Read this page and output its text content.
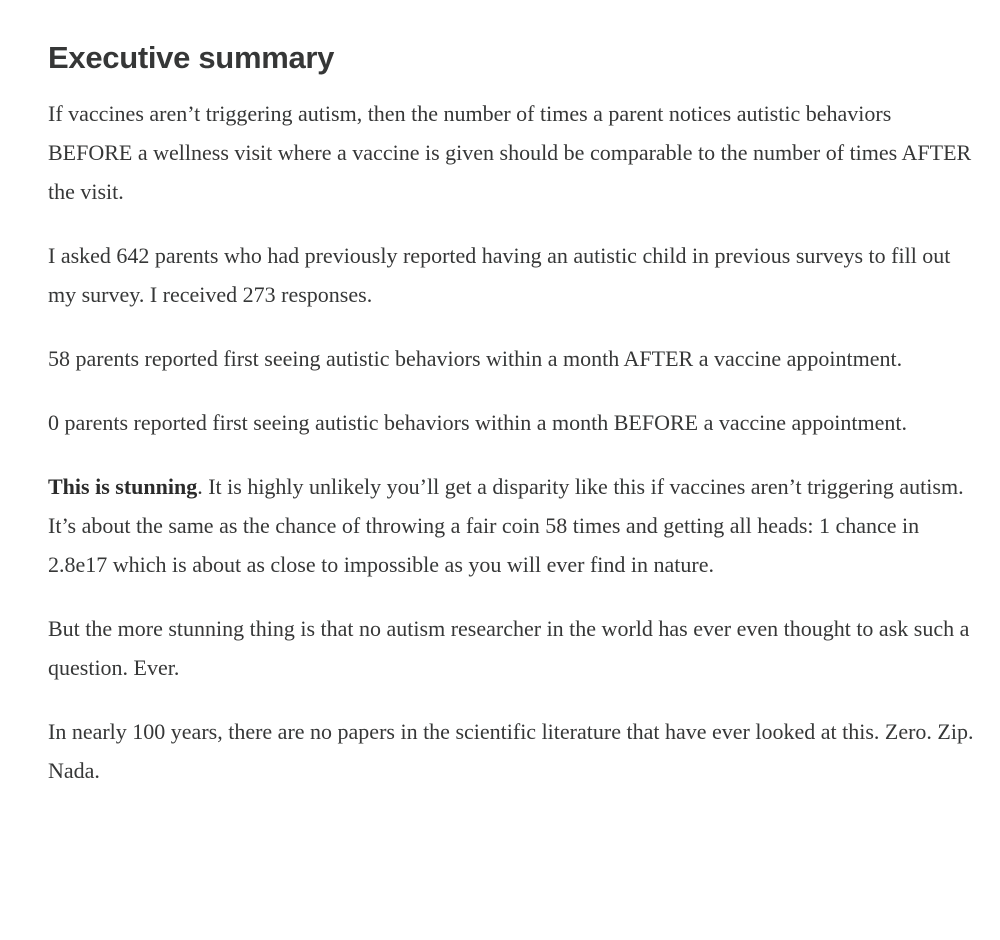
Executive summary

If vaccines aren’t triggering autism, then the number of times a parent notices autistic behaviors BEFORE a wellness visit where a vaccine is given should be comparable to the number of times AFTER the visit.

I asked 642 parents who had previously reported having an autistic child in previous surveys to fill out my survey. I received 273 responses.

58 parents reported first seeing autistic behaviors within a month AFTER a vaccine appointment.

0 parents reported first seeing autistic behaviors within a month BEFORE a vaccine appointment.

This is stunning. It is highly unlikely you’ll get a disparity like this if vaccines aren’t triggering autism. It’s about the same as the chance of throwing a fair coin 58 times and getting all heads: 1 chance in 2.8e17 which is about as close to impossible as you will ever find in nature.

But the more stunning thing is that no autism researcher in the world has ever even thought to ask such a question. Ever.

In nearly 100 years, there are no papers in the scientific literature that have ever looked at this. Zero. Zip. Nada.
